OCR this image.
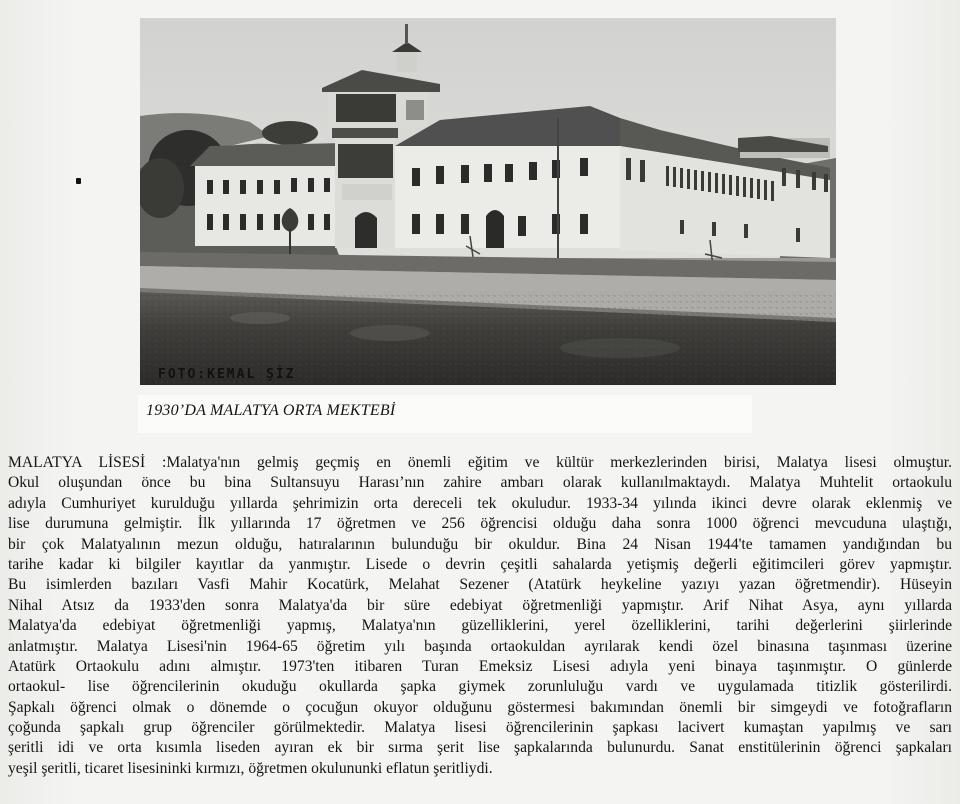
FOTO:KEMAL ŞİZ
1930’DA MALATYA ORTA MEKTEBİ
MALATYA LİSESİ :Malatya'nın gelmiş geçmiş en önemli eğitim ve kültür merkezlerinden birisi, Malatya lisesi olmuştur.
Okul oluşundan önce bu bina Sultansuyu Harası’nın zahire ambarı olarak kullanılmaktaydı. Malatya Muhtelit ortaokulu
adıyla Cumhuriyet kurulduğu yıllarda şehrimizin orta dereceli tek okuludur. 1933-34 yılında ikinci devre olarak eklenmiş ve
lise durumuna gelmiştir. İlk yıllarında 17 öğretmen ve 256 öğrencisi olduğu daha sonra 1000 öğrenci mevcuduna ulaştığı,
bir çok Malatyalının mezun olduğu, hatıralarının bulunduğu bir okuldur. Bina 24 Nisan 1944'te tamamen yandığından bu
tarihe kadar ki bilgiler kayıtlar da yanmıştır. Lisede o devrin çeşitli sahalarda yetişmiş değerli eğitimcileri görev yapmıştır.
Bu isimlerden bazıları Vasfi Mahir Kocatürk, Melahat Sezener (Atatürk heykeline yazıyı yazan öğretmendir). Hüseyin
Nihal Atsız da 1933'den sonra Malatya'da bir süre edebiyat öğretmenliği yapmıştır. Arif Nihat Asya, aynı yıllarda
Malatya'da edebiyat öğretmenliği yapmış, Malatya'nın güzelliklerini, yerel özelliklerini, tarihi değerlerini şiirlerinde
anlatmıştır. Malatya Lisesi'nin 1964-65 öğretim yılı başında ortaokuldan ayrılarak kendi özel binasına taşınması üzerine
Atatürk Ortaokulu adını almıştır. 1973'ten itibaren Turan Emeksiz Lisesi adıyla yeni binaya taşınmıştır. O günlerde
ortaokul- lise öğrencilerinin okuduğu okullarda şapka giymek zorunluluğu vardı ve uygulamada titizlik gösterilirdi.
Şapkalı öğrenci olmak o dönemde o çocuğun okuyor olduğunu göstermesi bakımından önemli bir simgeydi ve fotoğrafların
çoğunda şapkalı grup öğrenciler görülmektedir. Malatya lisesi öğrencilerinin şapkası lacivert kumaştan yapılmış ve sarı
şeritli idi ve orta kısımla liseden ayıran ek bir sırma şerit lise şapkalarında bulunurdu. Sanat enstitülerinin öğrenci şapkaları
yeşil şeritli, ticaret lisesininki kırmızı, öğretmen okulununki eflatun şeritliydi.
